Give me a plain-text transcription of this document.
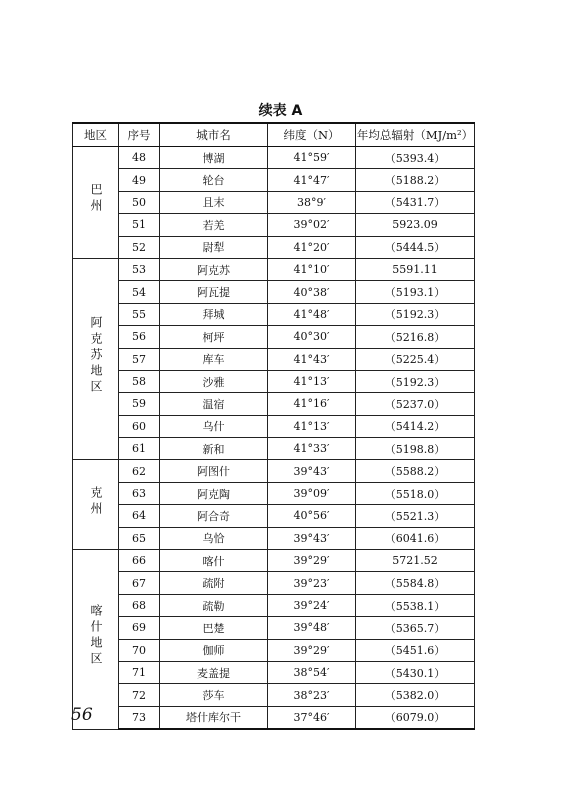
续表 A
地区	序号	城市名	纬度（N）	年均总辐射（MJ/m²）
巴州	48	博湖	41°59′	（5393.4）
	49	轮台	41°47′	（5188.2）
	50	且末	38°9′	（5431.7）
	51	若羌	39°02′	5923.09
	52	尉犁	41°20′	（5444.5）
阿克苏地区	53	阿克苏	41°10′	5591.11
	54	阿瓦提	40°38′	（5193.1）
	55	拜城	41°48′	（5192.3）
	56	柯坪	40°30′	（5216.8）
	57	库车	41°43′	（5225.4）
	58	沙雅	41°13′	（5192.3）
	59	温宿	41°16′	（5237.0）
	60	乌什	41°13′	（5414.2）
	61	新和	41°33′	（5198.8）
克州	62	阿图什	39°43′	（5588.2）
	63	阿克陶	39°09′	（5518.0）
	64	阿合奇	40°56′	（5521.3）
	65	乌恰	39°43′	（6041.6）
喀什地区	66	喀什	39°29′	5721.52
	67	疏附	39°23′	（5584.8）
	68	疏勒	39°24′	（5538.1）
	69	巴楚	39°48′	（5365.7）
	70	伽师	39°29′	（5451.6）
	71	麦盖提	38°54′	（5430.1）
	72	莎车	38°23′	（5382.0）
	73	塔什库尔干	37°46′	（6079.0）
56
